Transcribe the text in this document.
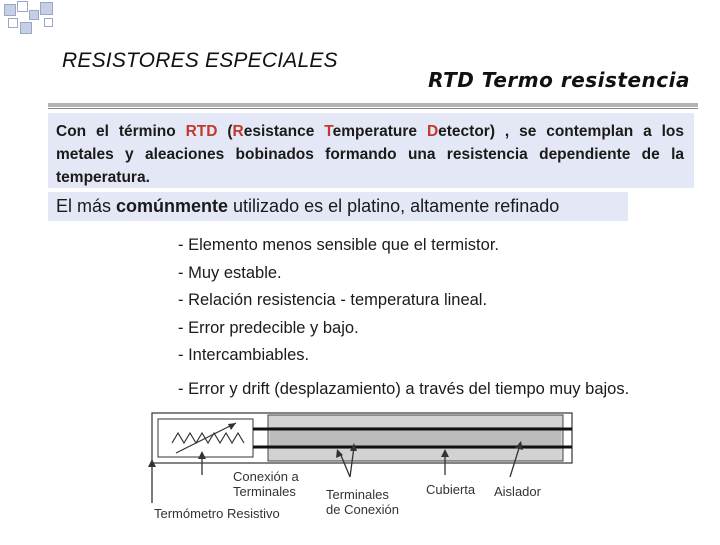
RESISTORES ESPECIALES
RTD Termo resistencia
Con el término RTD (Resistance Temperature Detector) , se contemplan a los metales y aleaciones bobinados formando una resistencia dependiente de la temperatura.
El más comúnmente utilizado es el platino, altamente refinado
- Elemento menos sensible que el termistor.
- Muy estable.
- Relación resistencia - temperatura lineal.
- Error predecible y bajo.
- Intercambiables.
- Error y drift (desplazamiento) a través del tiempo muy bajos.
Conexión a
Terminales
Termómetro Resistivo
Terminales
de Conexión
Cubierta Aislador
